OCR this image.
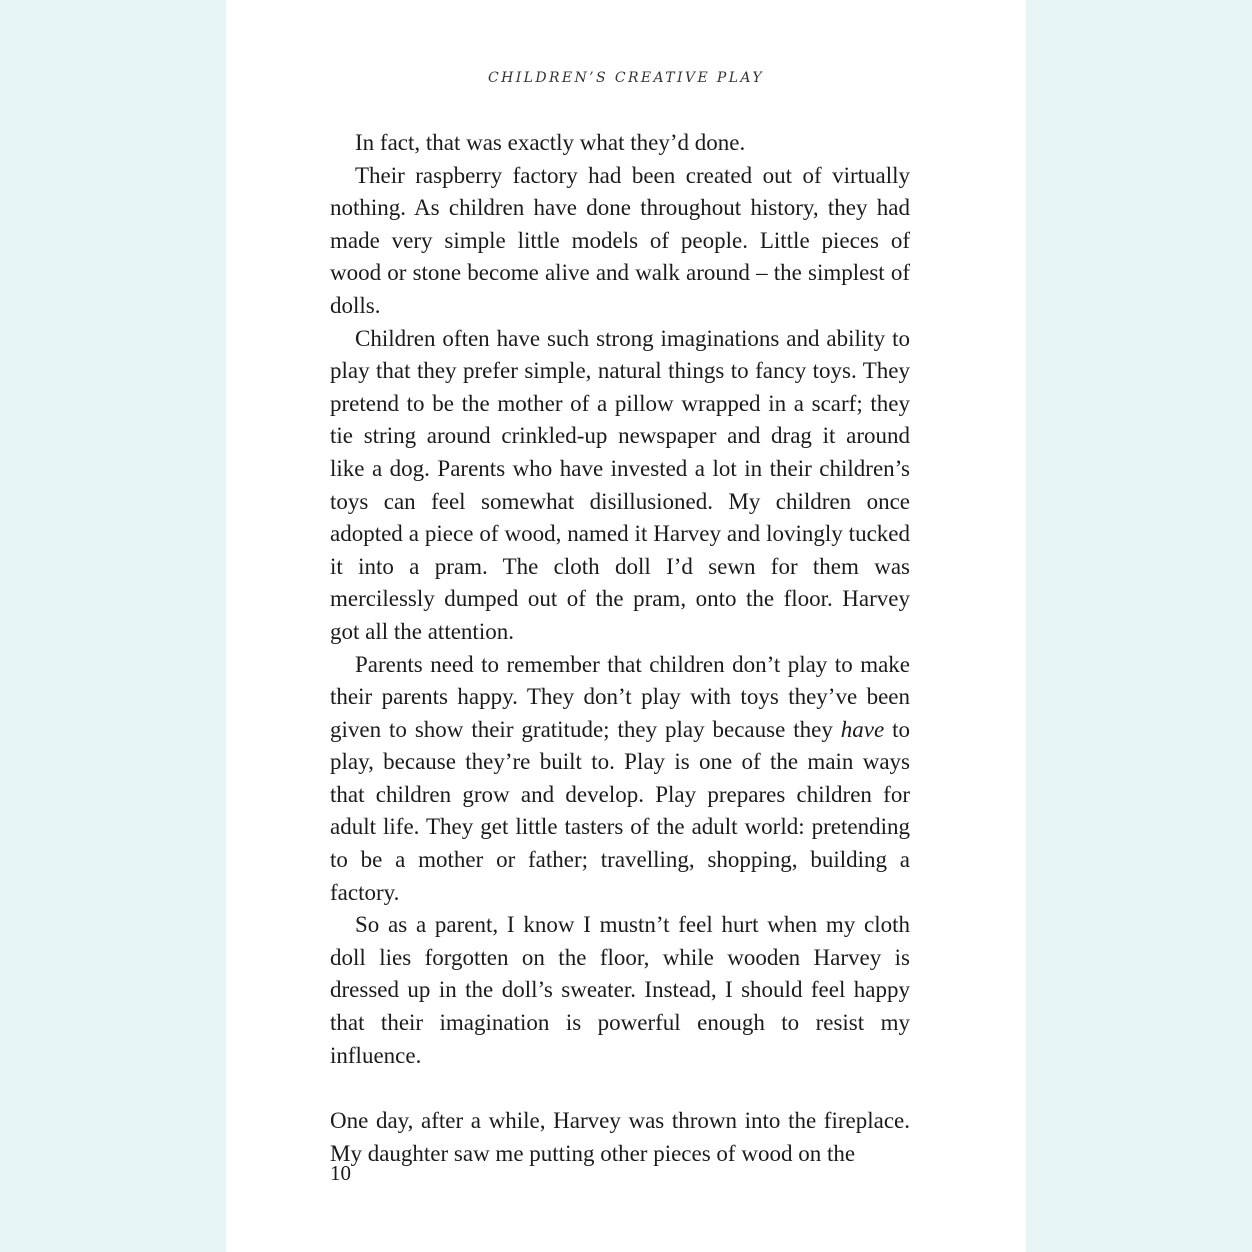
CHILDREN’S CREATIVE PLAY

In fact, that was exactly what they’d done.

Their raspberry factory had been created out of virtually nothing. As children have done throughout history, they had made very simple little models of people. Little pieces of wood or stone become alive and walk around – the simplest of dolls.

Children often have such strong imaginations and ability to play that they prefer simple, natural things to fancy toys. They pretend to be the mother of a pillow wrapped in a scarf; they tie string around crinkled-up newspaper and drag it around like a dog. Parents who have invested a lot in their children’s toys can feel somewhat disillusioned. My children once adopted a piece of wood, named it Harvey and lovingly tucked it into a pram. The cloth doll I’d sewn for them was mercilessly dumped out of the pram, onto the floor. Harvey got all the attention.

Parents need to remember that children don’t play to make their parents happy. They don’t play with toys they’ve been given to show their gratitude; they play because they have to play, because they’re built to. Play is one of the main ways that children grow and develop. Play prepares children for adult life. They get little tasters of the adult world: pretending to be a mother or father; travelling, shopping, building a factory.

So as a parent, I know I mustn’t feel hurt when my cloth doll lies forgotten on the floor, while wooden Harvey is dressed up in the doll’s sweater. Instead, I should feel happy that their imagination is powerful enough to resist my influence.

One day, after a while, Harvey was thrown into the fireplace. My daughter saw me putting other pieces of wood on the

10
